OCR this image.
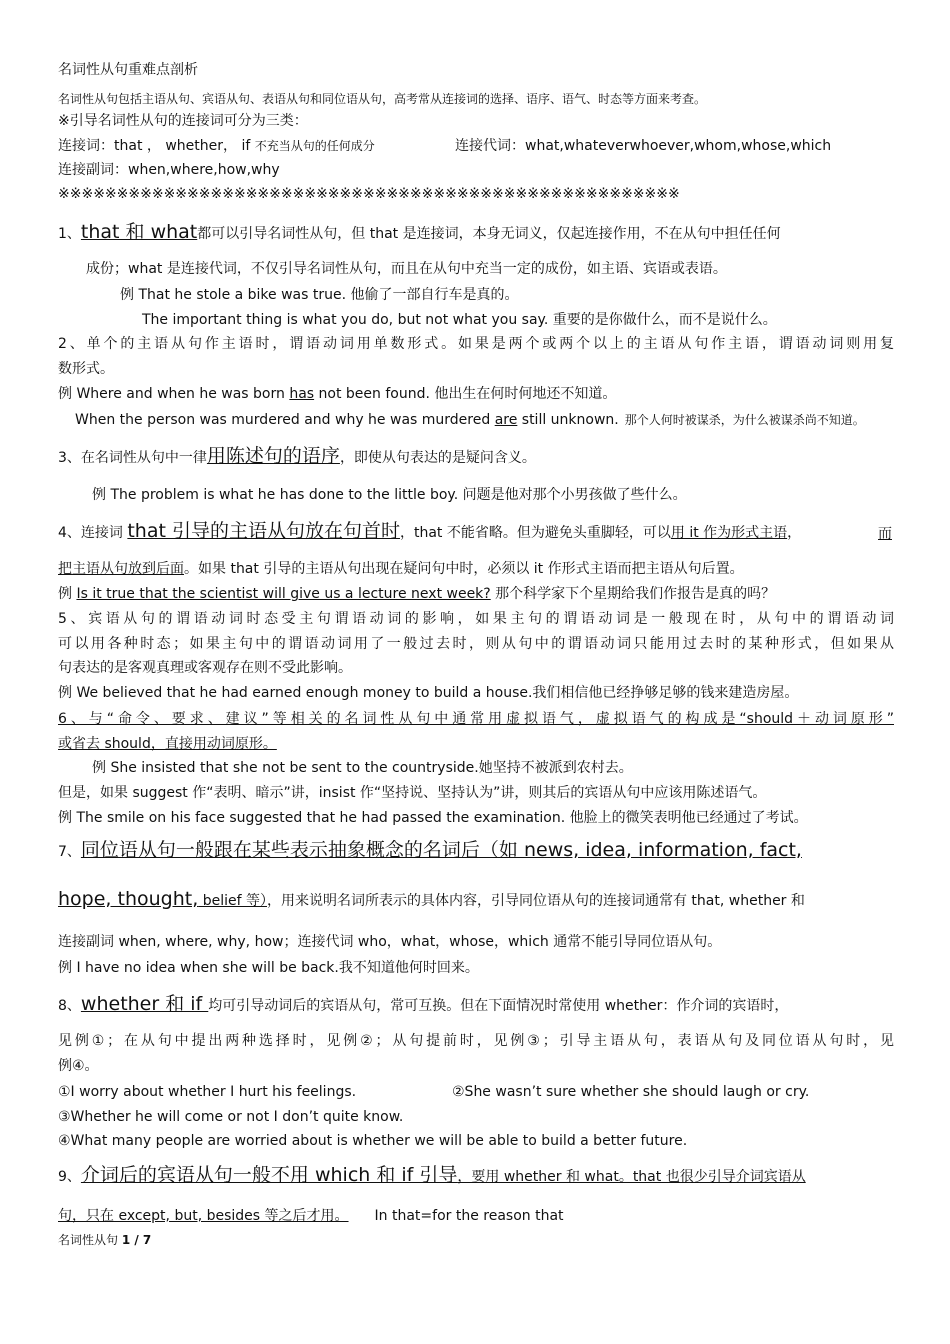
名词性从句重难点剖析
名词性从句包括主语从句、宾语从句、表语从句和同位语从句，高考常从连接词的选择、语序、语气、时态等方面来考查。
※引导名词性从句的连接词可分为三类：
连接词：that ， whether， if 不充当从句的任何成分	连接代词：what,whateverwhoever,whom,whose,which
连接副词：when,where,how,why
※※※※※※※※※※※※※※※※※※※※※※※※※※※※※※※※※※※※※※※※※※※※※※※※※※※※※
1、that 和 what都可以引导名词性从句，但 that 是连接词，本身无词义，仅起连接作用，不在从句中担任任何
成份；what 是连接代词，不仅引导名词性从句，而且在从句中充当一定的成份，如主语、宾语或表语。
例 That he stole a bike was true. 他偷了一部自行车是真的。
The important thing is what you do, but not what you say. 重要的是你做什么，而不是说什么。
2、单个的主语从句作主语时，谓语动词用单数形式。如果是两个或两个以上的主语从句作主语，谓语动词则用复
数形式。
例 Where and when he was born has not been found. 他出生在何时何地还不知道。
When the person was murdered and why he was murdered are still unknown. 那个人何时被谋杀，为什么被谋杀尚不知道。
3、在名词性从句中一律用陈述句的语序，即使从句表达的是疑问含义。
例 The problem is what he has done to the little boy. 问题是他对那个小男孩做了些什么。
4、连接词 that 引导的主语从句放在句首时，that 不能省略。但为避免头重脚轻，可以用 it 作为形式主语，	而
把主语从句放到后面。如果 that 引导的主语从句出现在疑问句中时，必须以 it 作形式主语而把主语从句后置。
例 Is it true that the scientist will give us a lecture next week? 那个科学家下个星期给我们作报告是真的吗？
5、宾语从句的谓语动词时态受主句谓语动词的影响，如果主句的谓语动词是一般现在时，从句中的谓语动词
可以用各种时态；如果主句中的谓语动词用了一般过去时，则从句中的谓语动词只能用过去时的某种形式，但如果从
句表达的是客观真理或客观存在则不受此影响。
例 We believed that he had earned enough money to build a house.我们相信他已经挣够足够的钱来建造房屋。
6、与“命令、要求、建议”等相关的名词性从句中通常用虚拟语气，虚拟语气的构成是“should＋动词原形”
或省去 should，直接用动词原形。
例 She insisted that she not be sent to the countryside.她坚持不被派到农村去。
但是，如果 suggest 作“表明、暗示”讲，insist 作“坚持说、坚持认为”讲，则其后的宾语从句中应该用陈述语气。
例 The smile on his face suggested that he had passed the examination. 他脸上的微笑表明他已经通过了考试。
7、同位语从句一般跟在某些表示抽象概念的名词后（如 news, idea, information, fact,
hope, thought, belief 等），用来说明名词所表示的具体内容，引导同位语从句的连接词通常有 that, whether 和
连接副词 when, where, why, how；连接代词 who，what，whose，which 通常不能引导同位语从句。
例 I have no idea when she will be back.我不知道他何时回来。
8、whether 和 if 均可引导动词后的宾语从句，常可互换。但在下面情况时常使用 whether：作介词的宾语时，
见例①；在从句中提出两种选择时，见例②；从句提前时，见例③；引导主语从句，表语从句及同位语从句时，见
例④。
①I worry about whether I hurt his feelings.	②She wasn’t sure whether she should laugh or cry.
③Whether he will come or not I don’t quite know.
④What many people are worried about is whether we will be able to build a better future.
9、介词后的宾语从句一般不用 which 和 if 引导，要用 whether 和 what。that 也很少引导介词宾语从
句，只在 except, but, besides 等之后才用。 In that=for the reason that
名词性从句 1 / 7
